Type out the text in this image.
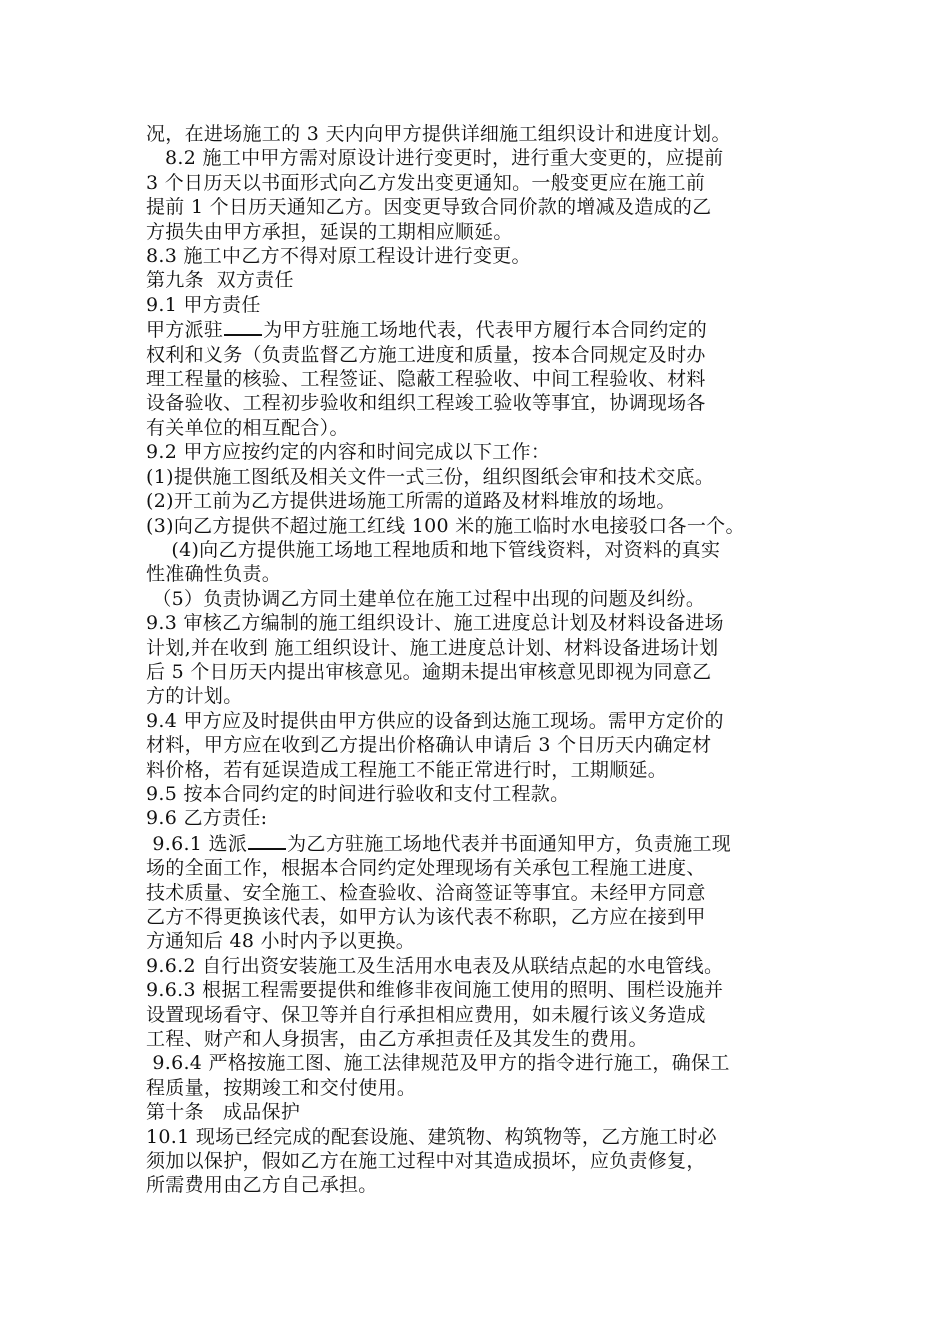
况，在进场施工的 3 天内向甲方提供详细施工组织设计和进度计划。

8.2 施工中甲方需对原设计进行变更时，进行重大变更的，应提前

3 个日历天以书面形式向乙方发出变更通知。一般变更应在施工前

提前 1 个日历天通知乙方。因变更导致合同价款的增减及造成的乙

方损失由甲方承担，延误的工期相应顺延。

8.3 施工中乙方不得对原工程设计进行变更。

第九条  双方责任

9.1 甲方责任

甲方派驻 为甲方驻施工场地代表，代表甲方履行本合同约定的

权利和义务（负责监督乙方施工进度和质量，按本合同规定及时办

理工程量的核验、工程签证、隐蔽工程验收、中间工程验收、材料

设备验收、工程初步验收和组织工程竣工验收等事宜，协调现场各

有关单位的相互配合）。

9.2 甲方应按约定的内容和时间完成以下工作：

(1)提供施工图纸及相关文件一式三份，组织图纸会审和技术交底。

(2)开工前为乙方提供进场施工所需的道路及材料堆放的场地。

(3)向乙方提供不超过施工红线 100 米的施工临时水电接驳口各一个。

(4)向乙方提供施工场地工程地质和地下管线资料，对资料的真实

性准确性负责。

（5）负责协调乙方同土建单位在施工过程中出现的问题及纠纷。

9.3 审核乙方编制的施工组织设计、施工进度总计划及材料设备进场

计划,并在收到 施工组织设计、施工进度总计划、材料设备进场计划

后 5 个日历天内提出审核意见。逾期未提出审核意见即视为同意乙

方的计划。

9.4 甲方应及时提供由甲方供应的设备到达施工现场。需甲方定价的

材料，甲方应在收到乙方提出价格确认申请后 3 个日历天内确定材

料价格，若有延误造成工程施工不能正常进行时，工期顺延。

9.5 按本合同约定的时间进行验收和支付工程款。

9.6 乙方责任:

9.6.1 选派 为乙方驻施工场地代表并书面通知甲方，负责施工现

场的全面工作，根据本合同约定处理现场有关承包工程施工进度、

技术质量、安全施工、检查验收、洽商签证等事宜。未经甲方同意

乙方不得更换该代表，如甲方认为该代表不称职，乙方应在接到甲

方通知后 48 小时内予以更换。

9.6.2 自行出资安装施工及生活用水电表及从联结点起的水电管线。

9.6.3 根据工程需要提供和维修非夜间施工使用的照明、围栏设施并

设置现场看守、保卫等并自行承担相应费用，如未履行该义务造成

工程、财产和人身损害，由乙方承担责任及其发生的费用。

9.6.4 严格按施工图、施工法律规范及甲方的指令进行施工，确保工

程质量，按期竣工和交付使用。

第十条   成品保护

10.1 现场已经完成的配套设施、建筑物、构筑物等，乙方施工时必

须加以保护，假如乙方在施工过程中对其造成损坏，应负责修复，

所需费用由乙方自己承担。
